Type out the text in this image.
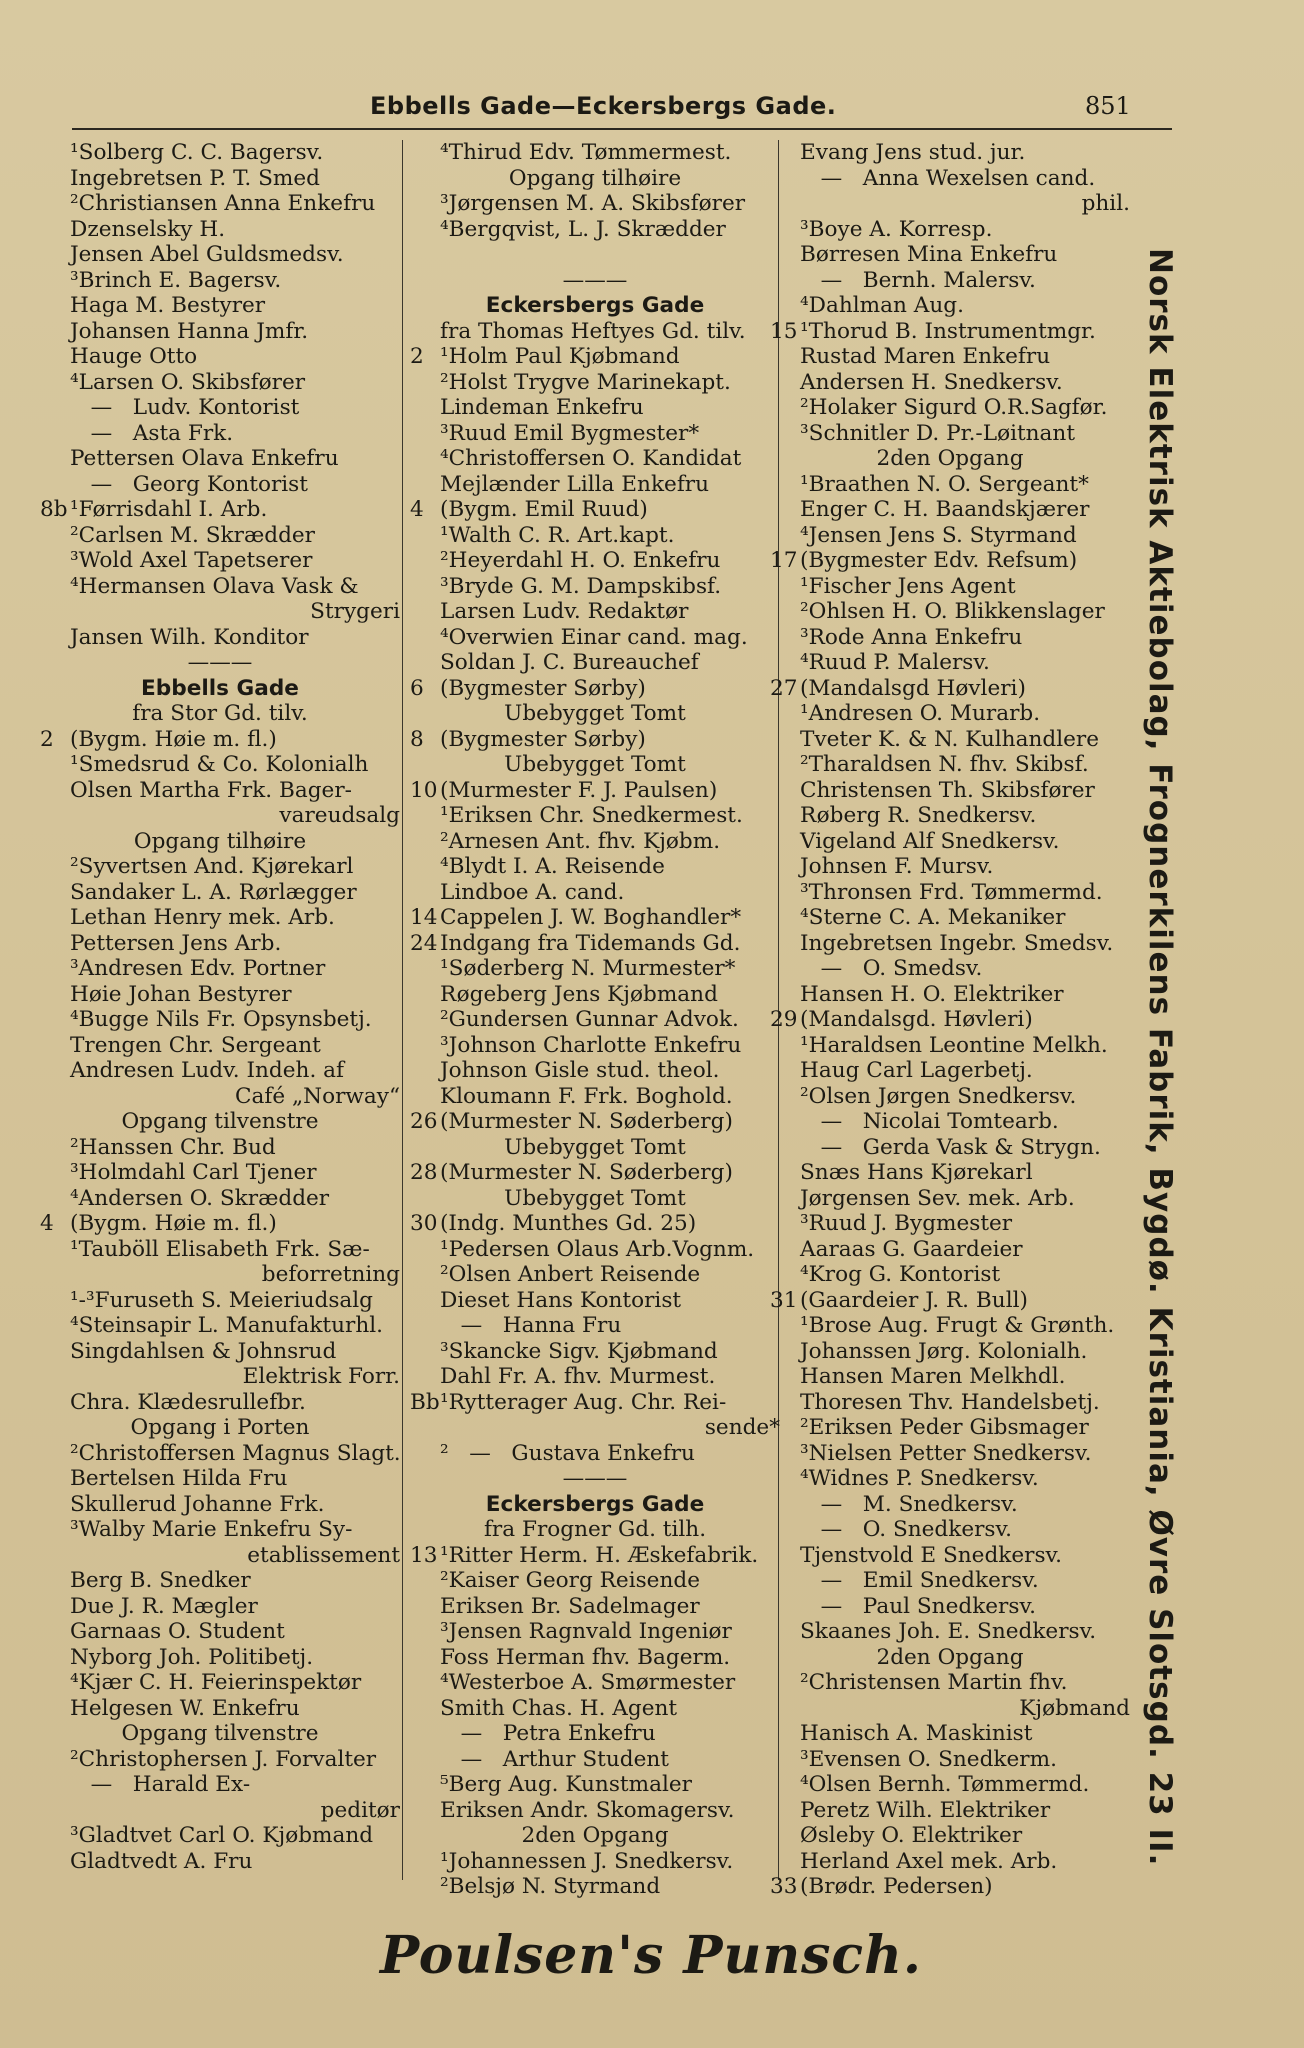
Ebbells Gade—Eckersbergs Gade.	851
¹Solberg C. C. Bagersv.
Ingebretsen P. T. Smed
²Christiansen Anna Enkefru
Dzenselsky H.
Jensen Abel Guldsmedsv.
³Brinch E. Bagersv.
Haga M. Bestyrer
Johansen Hanna Jmfr.
Hauge Otto
⁴Larsen O. Skibsfører
—   Ludv. Kontorist
—   Asta Frk.
Pettersen Olava Enkefru
—   Georg Kontorist
8b ¹Førrisdahl I. Arb.
²Carlsen M. Skrædder
³Wold Axel Tapetserer
⁴Hermansen Olava Vask &
Strygeri
Jansen Wilh. Konditor
———
Ebbells Gade
fra Stor Gd. tilv.
2 (Bygm. Høie m. fl.)
¹Smedsrud & Co. Kolonialh
Olsen Martha Frk. Bager-
vareudsalg
Opgang tilhøire
²Syvertsen And. Kjørekarl
Sandaker L. A. Rørlægger
Lethan Henry mek. Arb.
Pettersen Jens Arb.
³Andresen Edv. Portner
Høie Johan Bestyrer
⁴Bugge Nils Fr. Opsynsbetj.
Trengen Chr. Sergeant
Andresen Ludv. Indeh. af
Café „Norway“
Opgang tilvenstre
²Hanssen Chr. Bud
³Holmdahl Carl Tjener
⁴Andersen O. Skrædder
4 (Bygm. Høie m. fl.)
¹Tauböll Elisabeth Frk. Sæ-
beforretning
¹-³Furuseth S. Meieriudsalg
⁴Steinsapir L. Manufakturhl.
Singdahlsen & Johnsrud
Elektrisk Forr.
Chra. Klædesrullefbr.
Opgang i Porten
²Christoffersen Magnus Slagt.
Bertelsen Hilda Fru
Skullerud Johanne Frk.
³Walby Marie Enkefru Sy-
etablissement
Berg B. Snedker
Due J. R. Mægler
Garnaas O. Student
Nyborg Joh. Politibetj.
⁴Kjær C. H. Feierinspektør
Helgesen W. Enkefru
Opgang tilvenstre
²Christophersen J. Forvalter
—   Harald Ex-
peditør
³Gladtvet Carl O. Kjøbmand
Gladtvedt A. Fru
⁴Thirud Edv. Tømmermest.
Opgang tilhøire
³Jørgensen M. A. Skibsfører
⁴Bergqvist, L. J. Skrædder
———
Eckersbergs Gade
fra Thomas Heftyes Gd. tilv.
2 ¹Holm Paul Kjøbmand
²Holst Trygve Marinekapt.
Lindeman Enkefru
³Ruud Emil Bygmester*
⁴Christoffersen O. Kandidat
Mejlænder Lilla Enkefru
4 (Bygm. Emil Ruud)
¹Walth C. R. Art.kapt.
²Heyerdahl H. O. Enkefru
³Bryde G. M. Dampskibsf.
Larsen Ludv. Redaktør
⁴Overwien Einar cand. mag.
Soldan J. C. Bureauchef
6 (Bygmester Sørby)
Ubebygget Tomt
8 (Bygmester Sørby)
Ubebygget Tomt
10 (Murmester F. J. Paulsen)
¹Eriksen Chr. Snedkermest.
²Arnesen Ant. fhv. Kjøbm.
⁴Blydt I. A. Reisende
Lindboe A. cand.
14 Cappelen J. W. Boghandler*
24 Indgang fra Tidemands Gd.
¹Søderberg N. Murmester*
Røgeberg Jens Kjøbmand
²Gundersen Gunnar Advok.
³Johnson Charlotte Enkefru
Johnson Gisle stud. theol.
Kloumann F. Frk. Boghold.
26 (Murmester N. Søderberg)
Ubebygget Tomt
28 (Murmester N. Søderberg)
Ubebygget Tomt
30 (Indg. Munthes Gd. 25)
¹Pedersen Olaus Arb.Vognm.
²Olsen Anbert Reisende
Dieset Hans Kontorist
—   Hanna Fru
³Skancke Sigv. Kjøbmand
Dahl Fr. A. fhv. Murmest.
Bb¹Rytterager Aug. Chr. Rei-
sende*
²   —   Gustava Enkefru
———
Eckersbergs Gade
fra Frogner Gd. tilh.
13 ¹Ritter Herm. H. Æskefabrik.
²Kaiser Georg Reisende
Eriksen Br. Sadelmager
³Jensen Ragnvald Ingeniør
Foss Herman fhv. Bagerm.
⁴Westerboe A. Smørmester
Smith Chas. H. Agent
—   Petra Enkefru
—   Arthur Student
⁵Berg Aug. Kunstmaler
Eriksen Andr. Skomagersv.
2den Opgang
¹Johannessen J. Snedkersv.
²Belsjø N. Styrmand
Evang Jens stud. jur.
—   Anna Wexelsen cand.
phil.
³Boye A. Korresp.
Børresen Mina Enkefru
—   Bernh. Malersv.
⁴Dahlman Aug.
15 ¹Thorud B. Instrumentmgr.
Rustad Maren Enkefru
Andersen H. Snedkersv.
²Holaker Sigurd O.R.Sagfør.
³Schnitler D. Pr.-Løitnant
2den Opgang
¹Braathen N. O. Sergeant*
Enger C. H. Baandskjærer
⁴Jensen Jens S. Styrmand
17 (Bygmester Edv. Refsum)
¹Fischer Jens Agent
²Ohlsen H. O. Blikkenslager
³Rode Anna Enkefru
⁴Ruud P. Malersv.
27 (Mandalsgd Høvleri)
¹Andresen O. Murarb.
Tveter K. & N. Kulhandlere
²Tharaldsen N. fhv. Skibsf.
Christensen Th. Skibsfører
Røberg R. Snedkersv.
Vigeland Alf Snedkersv.
Johnsen F. Mursv.
³Thronsen Frd. Tømmermd.
⁴Sterne C. A. Mekaniker
Ingebretsen Ingebr. Smedsv.
—   O. Smedsv.
Hansen H. O. Elektriker
29 (Mandalsgd. Høvleri)
¹Haraldsen Leontine Melkh.
Haug Carl Lagerbetj.
²Olsen Jørgen Snedkersv.
—   Nicolai Tomtearb.
—   Gerda Vask & Strygn.
Snæs Hans Kjørekarl
Jørgensen Sev. mek. Arb.
³Ruud J. Bygmester
Aaraas G. Gaardeier
⁴Krog G. Kontorist
31 (Gaardeier J. R. Bull)
¹Brose Aug. Frugt & Grønth.
Johanssen Jørg. Kolonialh.
Hansen Maren Melkhdl.
Thoresen Thv. Handelsbetj.
²Eriksen Peder Gibsmager
³Nielsen Petter Snedkersv.
⁴Widnes P. Snedkersv.
—   M. Snedkersv.
—   O. Snedkersv.
Tjenstvold E Snedkersv.
—   Emil Snedkersv.
—   Paul Snedkersv.
Skaanes Joh. E. Snedkersv.
2den Opgang
²Christensen Martin fhv.
Kjøbmand
Hanisch A. Maskinist
³Evensen O. Snedkerm.
⁴Olsen Bernh. Tømmermd.
Peretz Wilh. Elektriker
Øsleby O. Elektriker
Herland Axel mek. Arb.
33 (Brødr. Pedersen)
Norsk Elektrisk Aktiebolag, Frognerkilens Fabrik, Bygdø. Kristiania, Øvre Slotsgd. 23 II.
Poulsen's Punsch.
